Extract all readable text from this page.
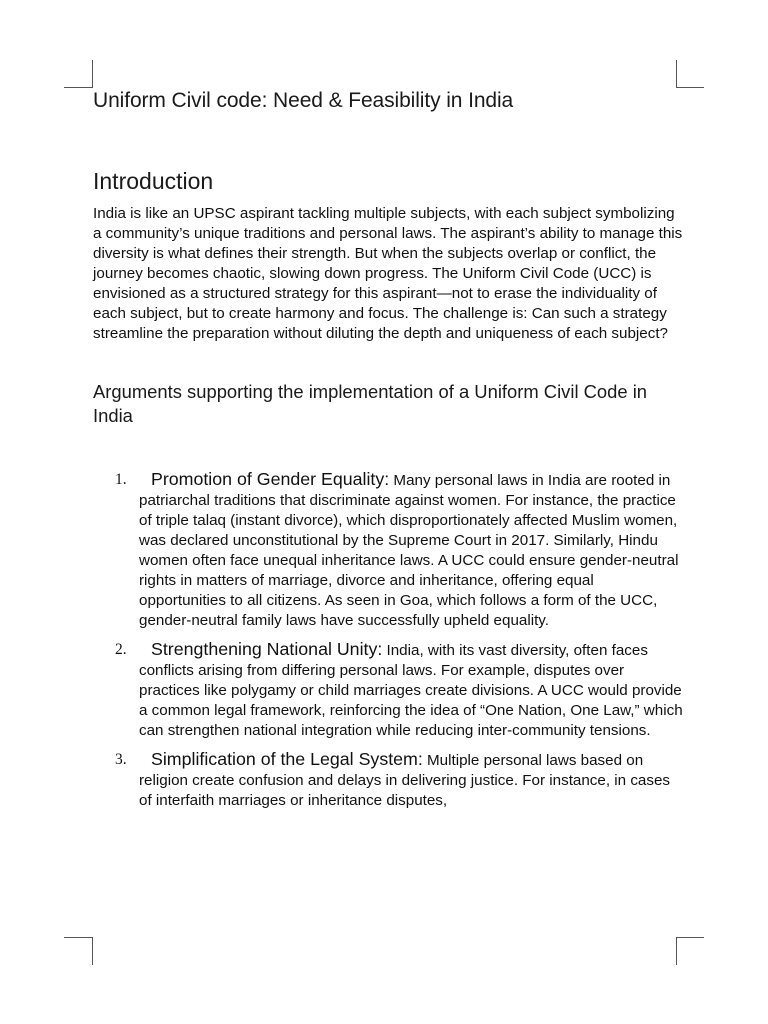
Uniform Civil code: Need & Feasibility in India
Introduction

India is like an UPSC aspirant tackling multiple subjects, with each subject symbolizing a community’s unique traditions and personal laws. The aspirant’s ability to manage this diversity is what defines their strength. But when the subjects overlap or conflict, the journey becomes chaotic, slowing down progress. The Uniform Civil Code (UCC) is envisioned as a structured strategy for this aspirant—not to erase the individuality of each subject, but to create harmony and focus. The challenge is: Can such a strategy streamline the preparation without diluting the depth and uniqueness of each subject?

Arguments supporting the implementation of a Uniform Civil Code in India
1.	Promotion of Gender Equality: Many personal laws in India are rooted in patriarchal traditions that discriminate against women. For instance, the practice of triple talaq (instant divorce), which disproportionately affected Muslim women, was declared unconstitutional by the Supreme Court in 2017. Similarly, Hindu women often face unequal inheritance laws. A UCC could ensure gender-neutral rights in matters of marriage, divorce and inheritance, offering equal opportunities to all citizens. As seen in Goa, which follows a form of the UCC, gender-neutral family laws have successfully upheld equality.
2.	Strengthening National Unity: India, with its vast diversity, often faces conflicts arising from differing personal laws. For example, disputes over practices like polygamy or child marriages create divisions. A UCC would provide a common legal framework, reinforcing the idea of “One Nation, One Law,” which can strengthen national integration while reducing inter-community tensions.
3.	Simplification of the Legal System: Multiple personal laws based on religion create confusion and delays in delivering justice. For instance, in cases of interfaith marriages or inheritance disputes,
